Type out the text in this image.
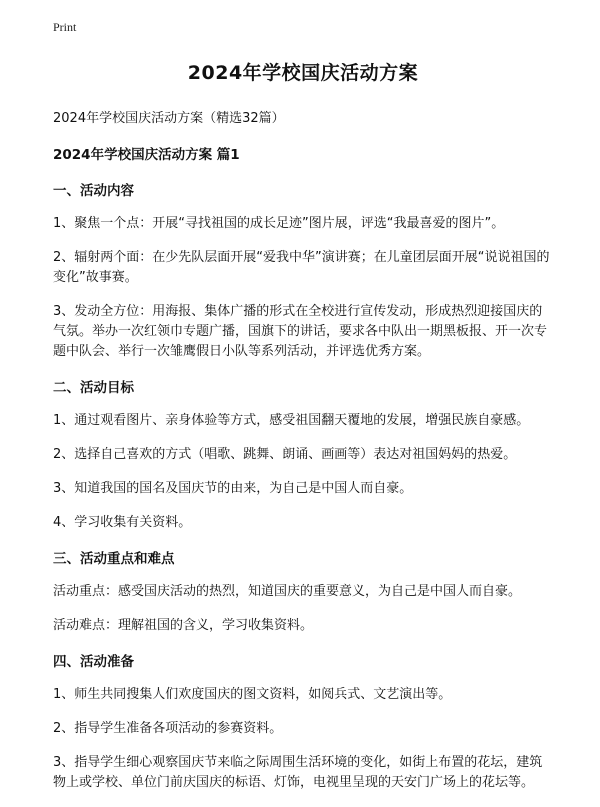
Print
2024年学校国庆活动方案
2024年学校国庆活动方案（精选32篇）
2024年学校国庆活动方案 篇1
一、活动内容
1、聚焦一个点：开展“寻找祖国的成长足迹”图片展，评选“我最喜爱的图片”。
2、辐射两个面：在少先队层面开展“爱我中华”演讲赛；在儿童团层面开展“说说祖国的变化”故事赛。
3、发动全方位：用海报、集体广播的形式在全校进行宣传发动，形成热烈迎接国庆的气氛。举办一次红领巾专题广播，国旗下的讲话，要求各中队出一期黑板报、开一次专题中队会、举行一次雏鹰假日小队等系列活动，并评选优秀方案。
二、活动目标
1、通过观看图片、亲身体验等方式，感受祖国翻天覆地的发展，增强民族自豪感。
2、选择自己喜欢的方式（唱歌、跳舞、朗诵、画画等）表达对祖国妈妈的热爱。
3、知道我国的国名及国庆节的由来，为自己是中国人而自豪。
4、学习收集有关资料。
三、活动重点和难点
活动重点：感受国庆活动的热烈，知道国庆的重要意义，为自己是中国人而自豪。
活动难点：理解祖国的含义，学习收集资料。
四、活动准备
1、师生共同搜集人们欢度国庆的图文资料，如阅兵式、文艺演出等。
2、指导学生准备各项活动的参赛资料。
3、指导学生细心观察国庆节来临之际周围生活环境的变化，如街上布置的花坛，建筑物上或学校、单位门前庆国庆的标语、灯饰，电视里呈现的天安门广场上的花坛等。
